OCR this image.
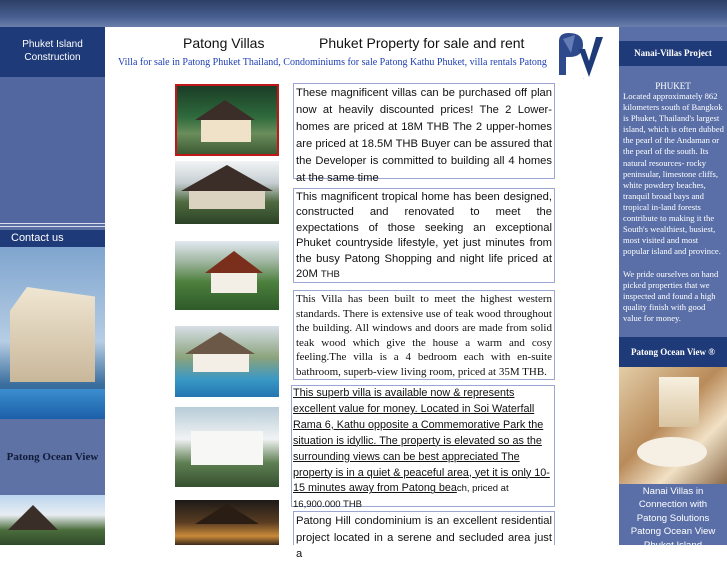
Phuket Island
Construction
Contact us
Patong Ocean View
Patong Villas	Phuket Property for sale and rent
Villa for sale in Patong Phuket Thailand, Condominiums for sale Patong Kathu Phuket, villa rentals Patong
pv
These magnificent villas can be purchased off plan now at heavily discounted prices! The 2 Lower-homes are priced at 18M THB The 2 upper-homes are priced at 18.5M THB Buyer can be assured that the Developer is committed to building all 4 homes at the same time
This magnificent tropical home has been designed, constructed and renovated to meet the expectations of those seeking an exceptional Phuket countryside lifestyle, yet just minutes from the busy Patong Shopping and night life priced at 20M THB
This Villa has been built to meet the highest western standards. There is extensive use of teak wood throughout the building. All windows and doors are made from solid teak wood which give the house a warm and cosy feeling.The villa is a 4 bedroom each with en-suite bathroom, superb-view living room, priced at 35M THB.
This superb villa is available now & represents excellent value for money. Located in Soi Waterfall Rama 6, Kathu opposite a Commemorative Park the situation is idyllic. The property is elevated so as the surrounding views can be best appreciated The property is in a quiet & peaceful area, yet it is only 10-15 minutes away from Patong beach, priced at
16,900.000 THB
Patong Hill condominium is an excellent residential project located in a serene and secluded area just a
Nanai-Villas Project
PHUKET
Located approximately 862 kilometers south of Bangkok is Phuket, Thailand's largest island, which is often dubbed the pearl of the Andaman or the pearl of the south. Its natural resources- rocky peninsular, limestone cliffs, white powdery beaches, tranquil broad bays and tropical in-land forests contribute to making it the South's wealthiest, busiest, most visited and most popular island and province.

We pride ourselves on hand picked properties that we inspected and found a high quality finish with good value for money.
Patong Ocean View ®
Nanai Villas in
Connection with
Patong Solutions
Patong Ocean View
Phuket Island
